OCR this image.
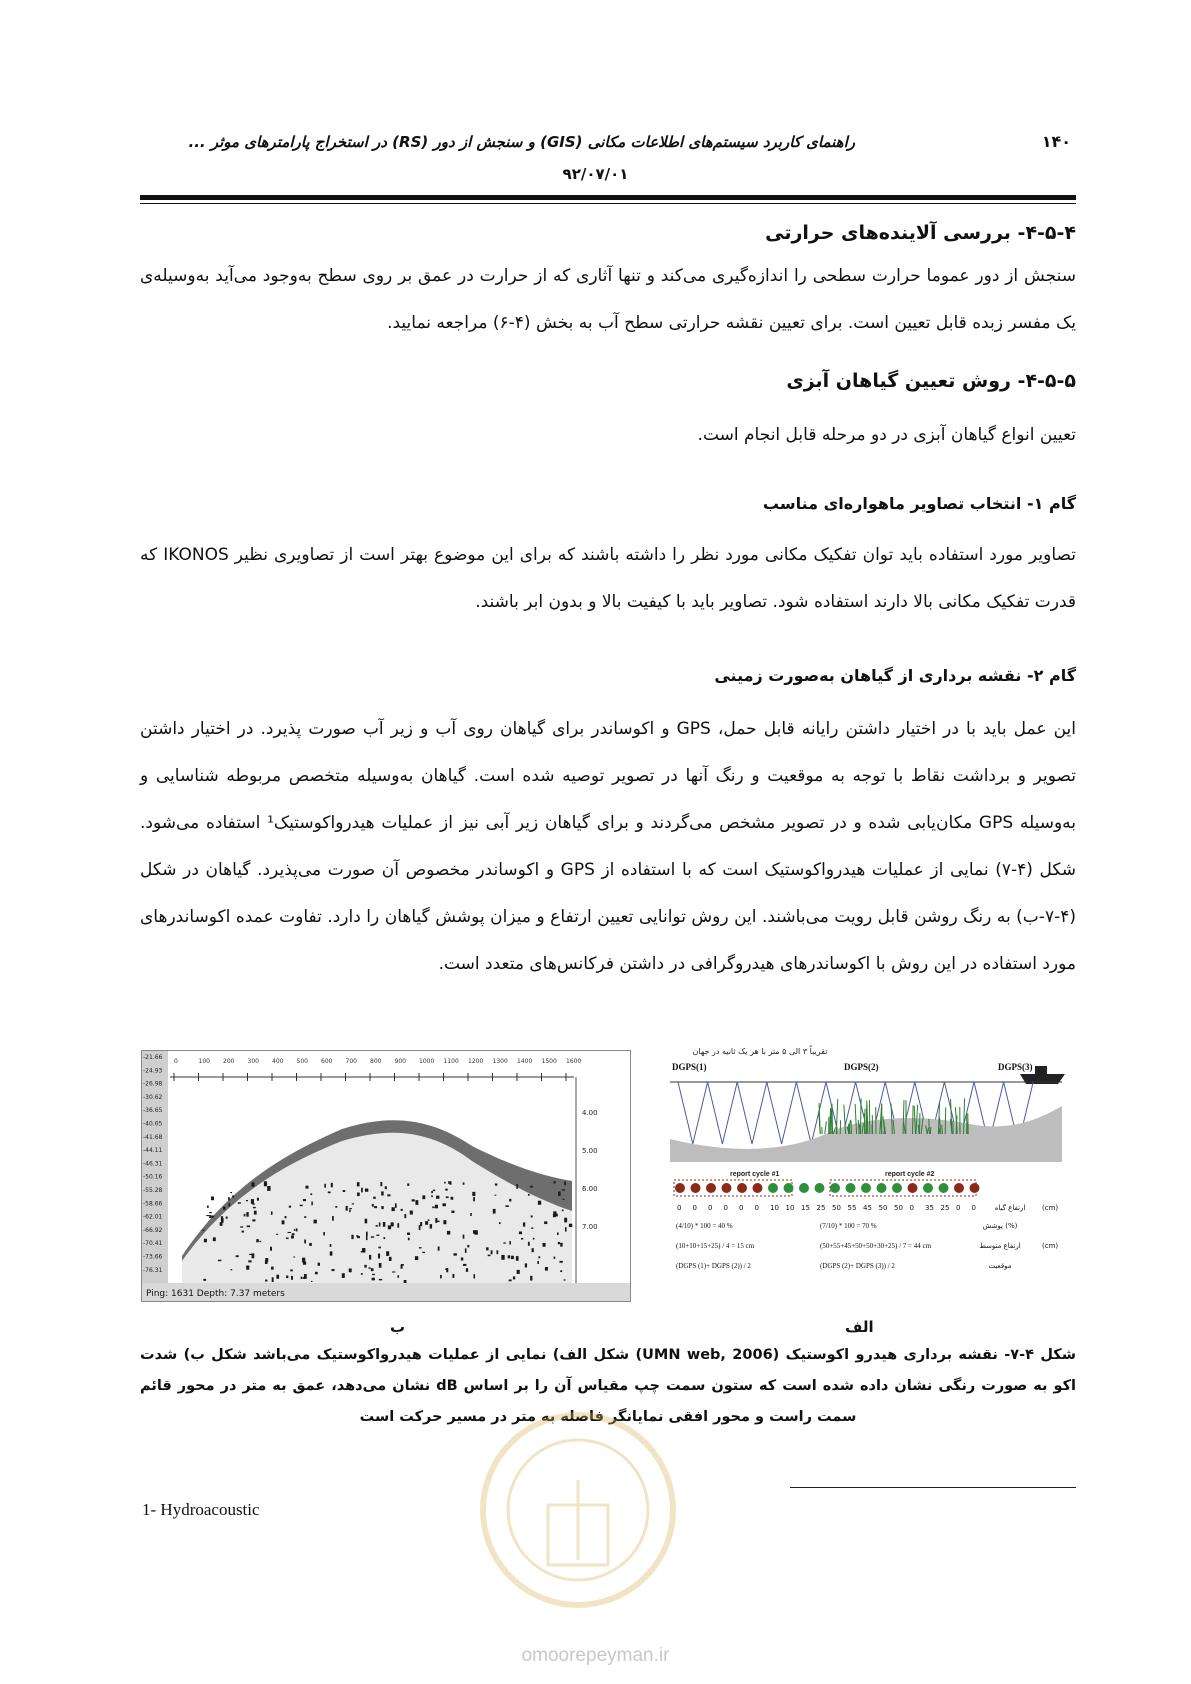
۱۴۰
راهنمای کاربرد سیستم‌های اطلاعات مکانی (GIS) و سنجش از دور (RS) در استخراج پارامترهای موثر ...
۹۲/۰۷/۰۱
۴-۵-۴- بررسی آلاینده‌های حرارتی
سنجش از دور عموما حرارت سطحی را اندازه‌گیری می‌کند و تنها آثاری که از حرارت در عمق بر روی سطح به‌وجود می‌آید به‌وسیله‌ی یک مفسر زبده قابل تعیین است. برای تعیین نقشه حرارتی سطح آب به بخش (۴-۶) مراجعه نمایید.
۴-۵-۵- روش تعیین گیاهان آبزی
تعیین انواع گیاهان آبزی در دو مرحله قابل انجام است.
گام ۱- انتخاب تصاویر ماهواره‌ای مناسب
تصاویر مورد استفاده باید توان تفکیک مکانی مورد نظر را داشته باشند که برای این موضوع بهتر است از تصاویری نظیر IKONOS که قدرت تفکیک مکانی بالا دارند استفاده شود. تصاویر باید با کیفیت بالا و بدون ابر باشند.
گام ۲- نقشه برداری از گیاهان به‌صورت زمینی
این عمل باید با در اختیار داشتن رایانه قابل حمل، GPS و اکوساندر برای گیاهان روی آب و زیر آب صورت پذیرد. در اختیار داشتن تصویر و برداشت نقاط با توجه به موقعیت و رنگ آنها در تصویر توصیه شده است. گیاهان به‌وسیله متخصص مربوطه شناسایی و به‌وسیله GPS مکان‌یابی شده و در تصویر مشخص می‌گردند و برای گیاهان زیر آبی نیز از عملیات هیدرواکوستیک¹ استفاده می‌شود. شکل (۴-۷) نمایی از عملیات هیدرواکوستیک است که با استفاده از GPS و اکوساندر مخصوص آن صورت می‌پذیرد. گیاهان در شکل (۴-۷-ب) به رنگ روشن قابل رویت می‌باشند. این روش توانایی تعیین ارتفاع و میزان پوشش گیاهان را دارد. تفاوت عمده اکوساندرهای مورد استفاده در این روش با اکوساندرهای هیدروگرافی در داشتن فرکانس‌های متعدد است.
-21.66
-24.93
-26.98
-30.62
-36.65
-40.65
-41.68
-44.11
-46.31
-50.16
-55.28
-58.66
-62.01
-66.92
-70.41
-73.66
-76.31
0	100 200 300 400 500 600 700 800 900 1000 1100 1200 1300 1400 1500 1600
4.00
5.00
6.00
7.00
Ping: 1631 Depth: 7.37 meters
تقریباً ۳ الی ۵ متر با هر یک ثانیه در جهان
DGPS(1)	DGPS(2)	DGPS(3)
report cycle #1	report cycle #2
0 0 0 0 0 0 10 10 15 25 50 55 45 50 50 0 35 25 0 0	ارتفاع گیاه (cm)
(4/10) * 100 = 40 %	(7/10) * 100 = 70 %	(%) پوشش
(10+10+15+25) / 4 = 15 cm	(50+55+45+50+50+30+25) / 7 = 44 cm	ارتفاع متوسط	(cm)
(DGPS (1)+ DGPS (2)) / 2	(DGPS (2)+ DGPS (3)) / 2	موقعیت
ب	الف
شکل ۴-۷- نقشه برداری هیدرو اکوستیک (UMN web, 2006) شکل الف) نمایی از عملیات هیدرواکوستیک می‌باشد شکل ب) شدت اکو به صورت رنگی نشان داده شده است که ستون سمت چپ مقیاس آن را بر اساس dB نشان می‌دهد، عمق به متر در محور قائم سمت راست و محور افقی نمایانگر فاصله به متر در مسیر حرکت است
1- Hydroacoustic
omoorepeyman.ir
